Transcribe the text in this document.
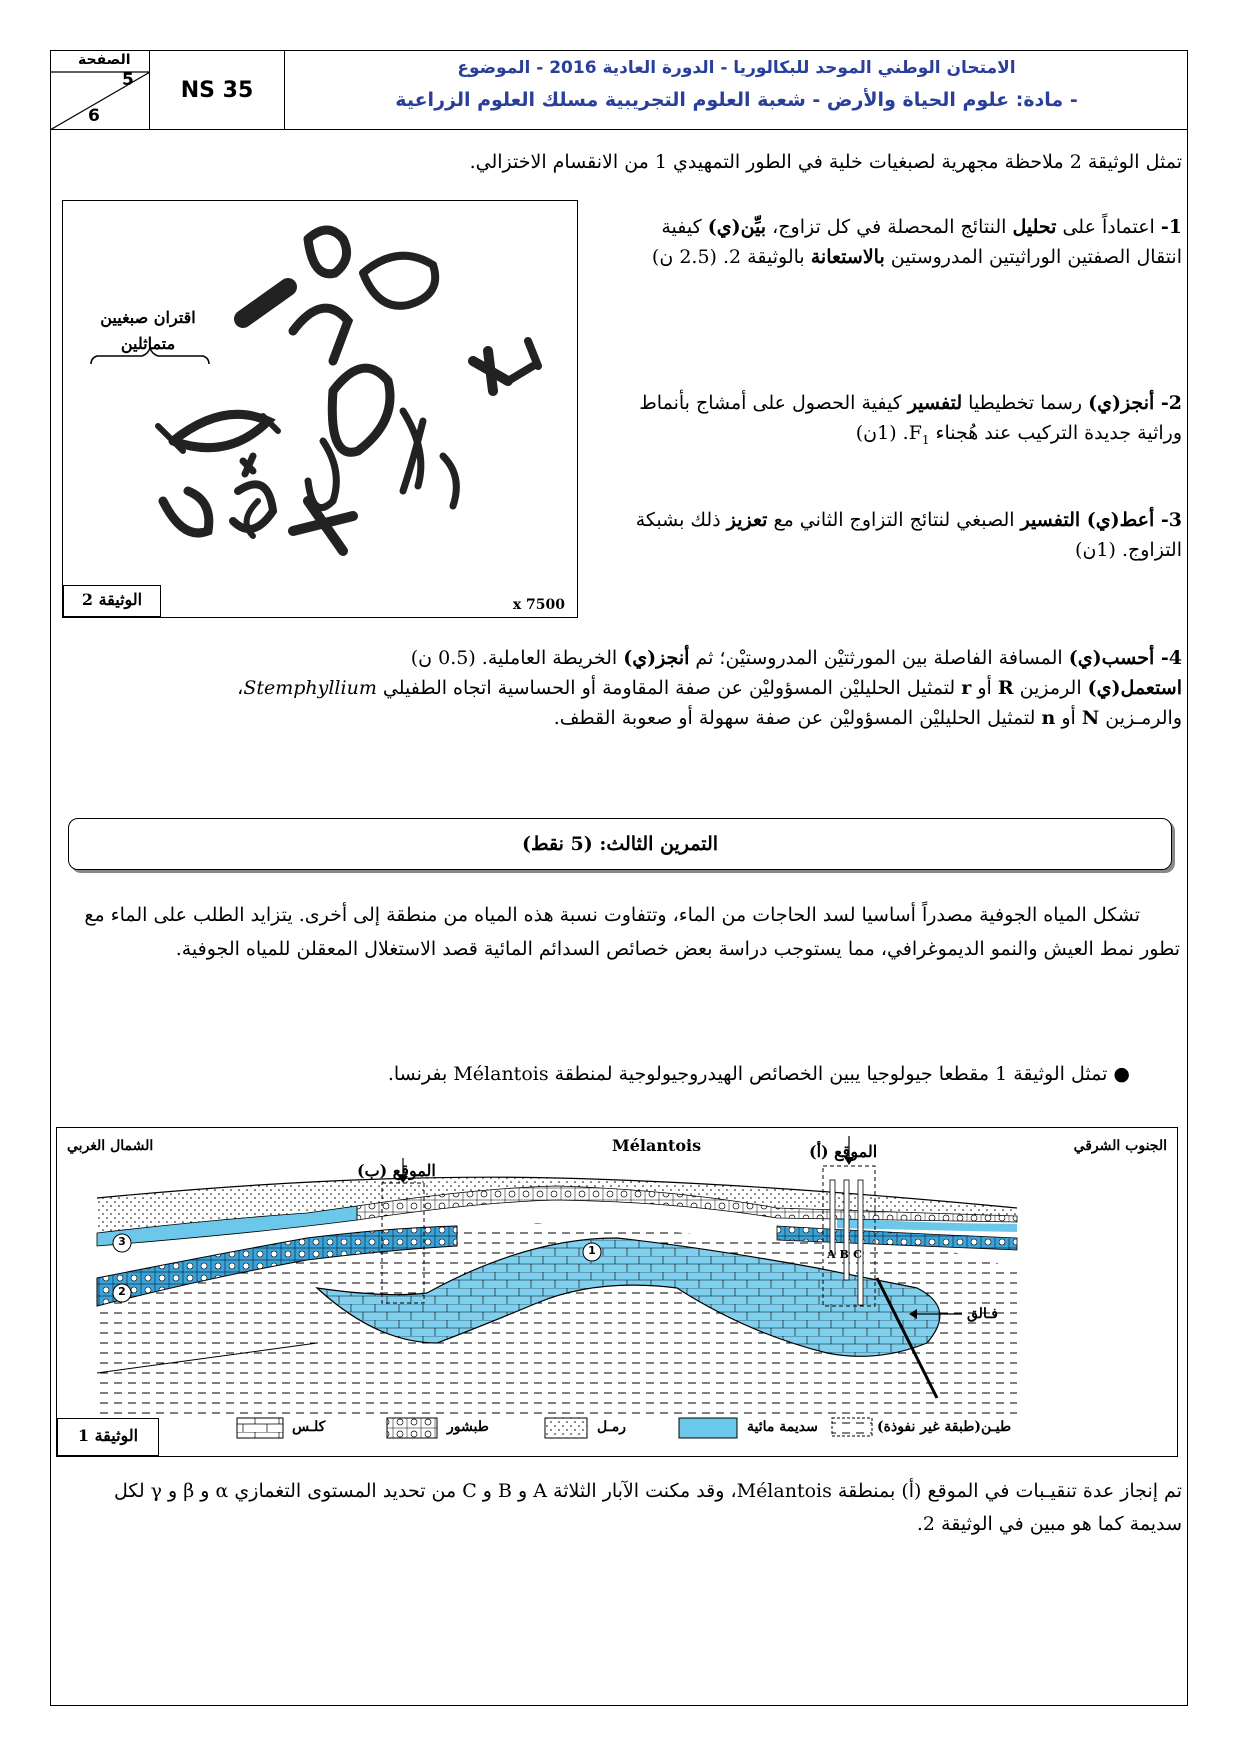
الصفحة
5
6
NS 35
الامتحان الوطني الموحد للبكالوريا - الدورة العادية 2016 - الموضوع
- مادة: علوم الحياة والأرض - شعبة العلوم التجريبية مسلك العلوم الزراعية
تمثل الوثيقة 2 ملاحظة مجهرية لصبغيات خلية في الطور التمهيدي 1 من الانقسام الاختزالي.
اقتران صبغيين
متماثلين
الوثيقة 2	x 7500
1- اعتماداً على تحليل النتائج المحصلة في كل تزاوج، بيِّن(ي) كيفية انتقال الصفتين الوراثيتين المدروستين بالاستعانة بالوثيقة 2. (2.5 ن)
2- أنجز(ي) رسما تخطيطيا لتفسير كيفية الحصول على أمشاج بأنماط وراثية جديدة التركيب عند هُجناء $F_1$. (1ن)
3- أعط(ي) التفسير الصبغي لنتائج التزاوج الثاني مع تعزيز ذلك بشبكة التزاوج. (1ن)
4- أحسب(ي) المسافة الفاصلة بين المورثتيْن المدروستيْن؛ ثم أنجز(ي) الخريطة العاملية. (0.5 ن)
استعمل(ي) الرمزين R أو r لتمثيل الحليليْن المسؤوليْن عن صفة المقاومة أو الحساسية اتجاه الطفيلي Stemphyllium،
والرمـزين N أو n لتمثيل الحليليْن المسؤوليْن عن صفة سهولة أو صعوبة القطف.
التمرين الثالث: (5 نقط)
تشكل المياه الجوفية مصدراً أساسيا لسد الحاجات من الماء، وتتفاوت نسبة هذه المياه من منطقة إلى أخرى. يتزايد الطلب على الماء مع تطور نمط العيش والنمو الديموغرافي، مما يستوجب دراسة بعض خصائص السدائم المائية قصد الاستغلال المعقلن للمياه الجوفية.
● تمثل الوثيقة 1 مقطعا جيولوجيا يبين الخصائص الهيدروجيولوجية لمنطقة Mélantois بفرنسا.
الشمال الغربي	الجنوب الشرقي
Mélantois	الموقع (أ)
الموقع (ب)
ABC
فـالق
3
2
1
الوثيقة 1	طيـن(طبقة غير نفوذة)
سديمة مائية
رمـل
طبشور
كلـس
تم إنجاز عدة تنقيـبات في الموقع (أ) بمنطقة Mélantois، وقد مكنت الآبار الثلاثة A و B و C من تحديد المستوى التغمازي α و β و γ لكل سديمة كما هو مبين في الوثيقة 2.
